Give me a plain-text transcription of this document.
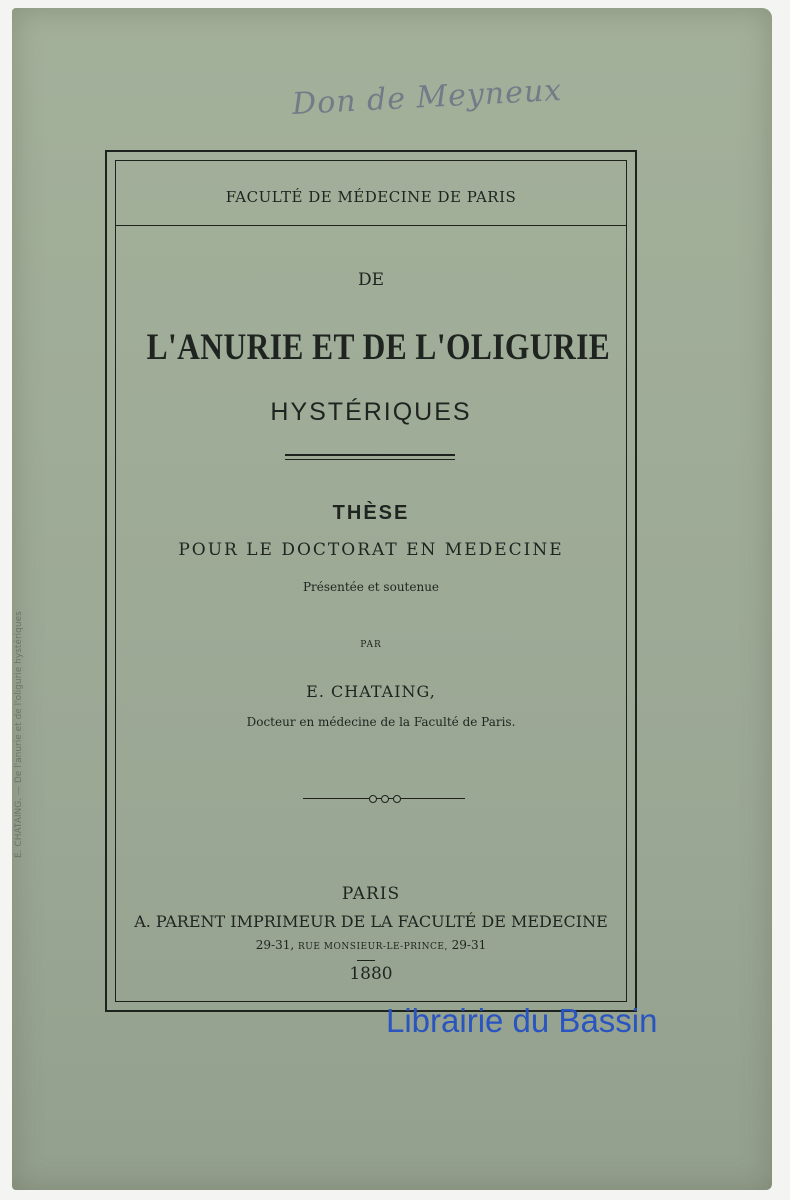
E. CHATAING. — De l'anurie et de l'oligurie hystériques
Don de Meyneux
FACULTÉ DE MÉDECINE DE PARIS
DE
L'ANURIE ET DE L'OLIGURIE
HYSTÉRIQUES
THÈSE
POUR LE DOCTORAT EN MEDECINE
Présentée et soutenue
PAR
E. CHATAING,
Docteur en médecine de la Faculté de Paris.
PARIS
A. PARENT IMPRIMEUR DE LA FACULTÉ DE MEDECINE
29-31, RUE MONSIEUR-LE-PRINCE, 29-31
1880
Librairie du Bassin
